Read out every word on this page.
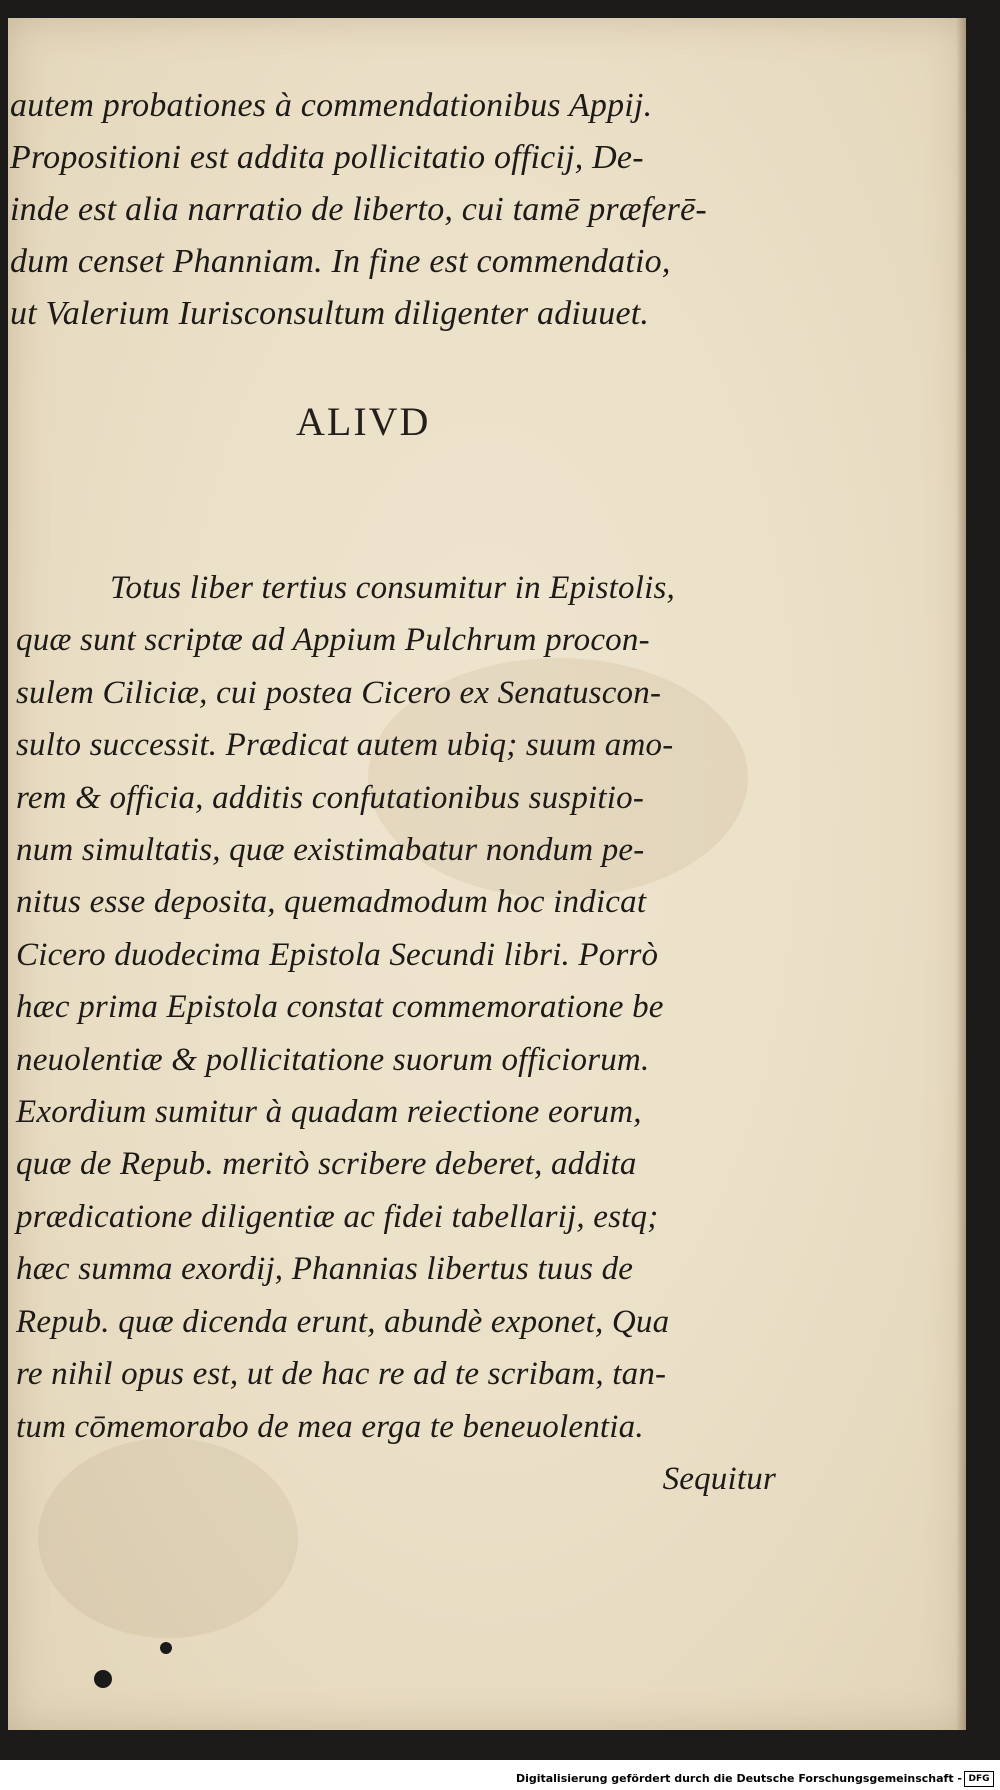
autem probationes à commendationibus Appij.
Propositioni est addita pollicitatio officij, De-
inde est alia narratio de liberto, cui tamē præferē-
dum censet Phanniam. In fine est commendatio,
ut Valerium Iurisconsultum diligenter adiuuet.
ALIVD
Totus liber tertius consumitur in Epistolis,
quæ sunt scriptæ ad Appium Pulchrum procon-
sulem Ciliciæ, cui postea Cicero ex Senatuscon-
sulto successit. Prædicat autem ubiq; suum amo-
rem & officia, additis confutationibus suspitio-
num simultatis, quæ existimabatur nondum pe-
nitus esse deposita, quemadmodum hoc indicat
Cicero duodecima Epistola Secundi libri. Porrò
hæc prima Epistola constat commemoratione be
neuolentiæ & pollicitatione suorum officiorum.
Exordium sumitur à quadam reiectione eorum,
quæ de Repub. meritò scribere deberet, addita
prædicatione diligentiæ ac fidei tabellarij, estq;
hæc summa exordij, Phannias libertus tuus de
Repub. quæ dicenda erunt, abundè exponet, Qua
re nihil opus est, ut de hac re ad te scribam, tan-
tum cōmemorabo de mea erga te beneuolentia.
Sequitur
Digitalisierung gefördert durch die Deutsche Forschungsgemeinschaft - DFG
